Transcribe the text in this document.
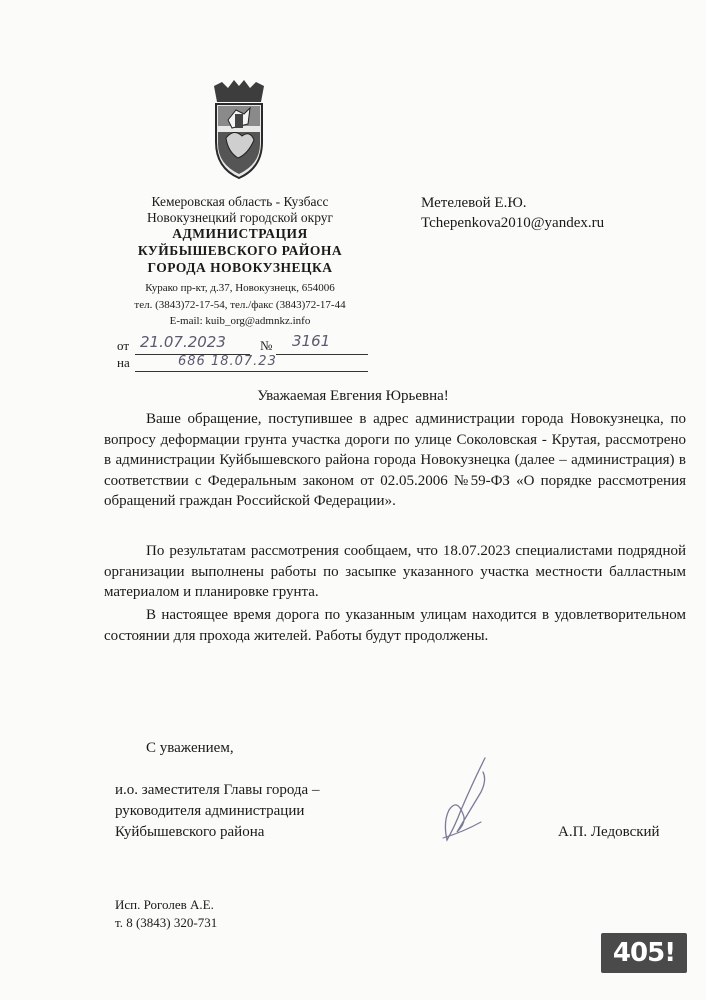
Кемеровская область - Кузбасс
Новокузнецкий городской округ
АДМИНИСТРАЦИЯ
КУЙБЫШЕВСКОГО РАЙОНА
ГОРОДА НОВОКУЗНЕЦКА
Курако пр-кт, д.37, Новокузнецк, 654006
тел. (3843)72-17-54, тел./факс (3843)72-17-44
E-mail: kuib_org@admnkz.info
от 21.07.2023	№ 3161
на	686 18.07.23
Метелевой Е.Ю.
Tchepenkova2010@yandex.ru
Уважаемая Евгения Юрьевна!

Ваше обращение, поступившее в адрес администрации города Новокузнецка, по вопросу деформации грунта участка дороги по улице Соколовская - Крутая, рассмотрено в администрации Куйбышевского района города Новокузнецка (далее – администрация) в соответствии с Федеральным законом от 02.05.2006 №59-ФЗ «О порядке рассмотрения обращений граждан Российской Федерации».

По результатам рассмотрения сообщаем, что 18.07.2023 специалистами подрядной организации выполнены работы по засыпке указанного участка местности балластным материалом и планировке грунта.

В настоящее время дорога по указанным улицам находится в удовлетворительном состоянии для прохода жителей. Работы будут продолжены.

С уважением,
и.о. заместителя Главы города –
руководителя администрации
Куйбышевского района	А.П. Ледовский
Исп. Роголев А.Е.
т. 8 (3843) 320-731
405!
